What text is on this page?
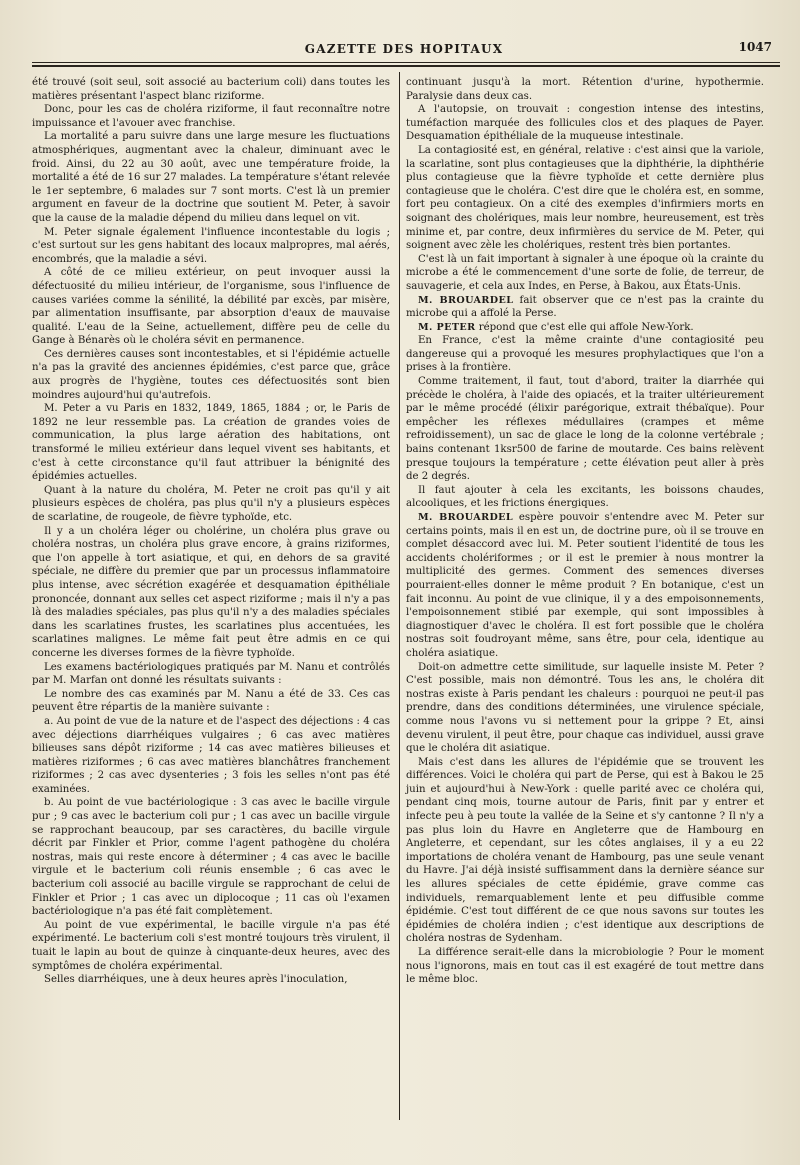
GAZETTE DES HOPITAUX	1047

été trouvé (soit seul, soit associé au bacterium coli) dans toutes les matières présentant l'aspect blanc riziforme.

Donc, pour les cas de choléra riziforme, il faut reconnaître notre impuissance et l'avouer avec franchise.

La mortalité a paru suivre dans une large mesure les fluctuations atmosphériques, augmentant avec la chaleur, diminuant avec le froid. Ainsi, du 22 au 30 août, avec une température froide, la mortalité a été de 16 sur 27 malades. La température s'étant relevée le 1er septembre, 6 malades sur 7 sont morts. C'est là un premier argument en faveur de la doctrine que soutient M. Peter, à savoir que la cause de la maladie dépend du milieu dans lequel on vit.

M. Peter signale également l'influence incontestable du logis ; c'est surtout sur les gens habitant des locaux malpropres, mal aérés, encombrés, que la maladie a sévi.

A côté de ce milieu extérieur, on peut invoquer aussi la défectuosité du milieu intérieur, de l'organisme, sous l'influence de causes variées comme la sénilité, la débilité par excès, par misère, par alimentation insuffisante, par absorption d'eaux de mauvaise qualité. L'eau de la Seine, actuellement, diffère peu de celle du Gange à Bénarès où le choléra sévit en permanence.

Ces dernières causes sont incontestables, et si l'épidémie actuelle n'a pas la gravité des anciennes épidémies, c'est parce que, grâce aux progrès de l'hygiène, toutes ces défectuosités sont bien moindres aujourd'hui qu'autrefois.

M. Peter a vu Paris en 1832, 1849, 1865, 1884 ; or, le Paris de 1892 ne leur ressemble pas. La création de grandes voies de communication, la plus large aération des habitations, ont transformé le milieu extérieur dans lequel vivent ses habitants, et c'est à cette circonstance qu'il faut attribuer la bénignité des épidémies actuelles.

Quant à la nature du choléra, M. Peter ne croit pas qu'il y ait plusieurs espèces de choléra, pas plus qu'il n'y a plusieurs espèces de scarlatine, de rougeole, de fièvre typhoïde, etc.

Il y a un choléra léger ou cholérine, un choléra plus grave ou choléra nostras, un choléra plus grave encore, à grains riziformes, que l'on appelle à tort asiatique, et qui, en dehors de sa gravité spéciale, ne diffère du premier que par un processus inflammatoire plus intense, avec sécrétion exagérée et desquamation épithéliale prononcée, donnant aux selles cet aspect riziforme ; mais il n'y a pas là des maladies spéciales, pas plus qu'il n'y a des maladies spéciales dans les scarlatines frustes, les scarlatines plus accentuées, les scarlatines malignes. Le même fait peut être admis en ce qui concerne les diverses formes de la fièvre typhoïde.

Les examens bactériologiques pratiqués par M. Nanu et contrôlés par M. Marfan ont donné les résultats suivants :

Le nombre des cas examinés par M. Nanu a été de 33. Ces cas peuvent être répartis de la manière suivante :

a. Au point de vue de la nature et de l'aspect des déjections : 4 cas avec déjections diarrhéiques vulgaires ; 6 cas avec matières bilieuses sans dépôt riziforme ; 14 cas avec matières bilieuses et matières riziformes ; 6 cas avec matières blanchâtres franchement riziformes ; 2 cas avec dysenteries ; 3 fois les selles n'ont pas été examinées.

b. Au point de vue bactériologique : 3 cas avec le bacille virgule pur ; 9 cas avec le bacterium coli pur ; 1 cas avec un bacille virgule se rapprochant beaucoup, par ses caractères, du bacille virgule décrit par Finkler et Prior, comme l'agent pathogène du choléra nostras, mais qui reste encore à déterminer ; 4 cas avec le bacille virgule et le bacterium coli réunis ensemble ; 6 cas avec le bacterium coli associé au bacille virgule se rapprochant de celui de Finkler et Prior ; 1 cas avec un diplocoque ; 11 cas où l'examen bactériologique n'a pas été fait complètement.

Au point de vue expérimental, le bacille virgule n'a pas été expérimenté. Le bacterium coli s'est montré toujours très virulent, il tuait le lapin au bout de quinze à cinquante-deux heures, avec des symptômes de choléra expérimental.

Selles diarrhéiques, une à deux heures après l'inoculation,

continuant jusqu'à la mort. Rétention d'urine, hypothermie. Paralysie dans deux cas.

A l'autopsie, on trouvait : congestion intense des intestins, tuméfaction marquée des follicules clos et des plaques de Payer. Desquamation épithéliale de la muqueuse intestinale.

La contagiosité est, en général, relative : c'est ainsi que la variole, la scarlatine, sont plus contagieuses que la diphthérie, la diphthérie plus contagieuse que la fièvre typhoïde et cette dernière plus contagieuse que le choléra. C'est dire que le choléra est, en somme, fort peu contagieux. On a cité des exemples d'infirmiers morts en soignant des cholériques, mais leur nombre, heureusement, est très minime et, par contre, deux infirmières du service de M. Peter, qui soignent avec zèle les cholériques, restent très bien portantes.

C'est là un fait important à signaler à une époque où la crainte du microbe a été le commencement d'une sorte de folie, de terreur, de sauvagerie, et cela aux Indes, en Perse, à Bakou, aux États-Unis.

M. BROUARDEL fait observer que ce n'est pas la crainte du microbe qui a affolé la Perse.

M. PETER répond que c'est elle qui affole New-York.

En France, c'est la même crainte d'une contagiosité peu dangereuse qui a provoqué les mesures prophylactiques que l'on a prises à la frontière.

Comme traitement, il faut, tout d'abord, traiter la diarrhée qui précède le choléra, à l'aide des opiacés, et la traiter ultérieurement par le même procédé (élixir parégorique, extrait thébaïque). Pour empêcher les réflexes médullaires (crampes et même refroidissement), un sac de glace le long de la colonne vertébrale ; bains contenant 1ksr500 de farine de moutarde. Ces bains relèvent presque toujours la température ; cette élévation peut aller à près de 2 degrés.

Il faut ajouter à cela les excitants, les boissons chaudes, alcooliques, et les frictions énergiques.

M. BROUARDEL espère pouvoir s'entendre avec M. Peter sur certains points, mais il en est un, de doctrine pure, où il se trouve en complet désaccord avec lui. M. Peter soutient l'identité de tous les accidents cholériformes ; or il est le premier à nous montrer la multiplicité des germes. Comment des semences diverses pourraient-elles donner le même produit ? En botanique, c'est un fait inconnu. Au point de vue clinique, il y a des empoisonnements, l'empoisonnement stibié par exemple, qui sont impossibles à diagnostiquer d'avec le choléra. Il est fort possible que le choléra nostras soit foudroyant même, sans être, pour cela, identique au choléra asiatique.

Doit-on admettre cette similitude, sur laquelle insiste M. Peter ? C'est possible, mais non démontré. Tous les ans, le choléra dit nostras existe à Paris pendant les chaleurs : pourquoi ne peut-il pas prendre, dans des conditions déterminées, une virulence spéciale, comme nous l'avons vu si nettement pour la grippe ? Et, ainsi devenu virulent, il peut être, pour chaque cas individuel, aussi grave que le choléra dit asiatique.

Mais c'est dans les allures de l'épidémie que se trouvent les différences. Voici le choléra qui part de Perse, qui est à Bakou le 25 juin et aujourd'hui à New-York : quelle parité avec ce choléra qui, pendant cinq mois, tourne autour de Paris, finit par y entrer et infecte peu à peu toute la vallée de la Seine et s'y cantonne ? Il n'y a pas plus loin du Havre en Angleterre que de Hambourg en Angleterre, et cependant, sur les côtes anglaises, il y a eu 22 importations de choléra venant de Hambourg, pas une seule venant du Havre. J'ai déjà insisté suffisamment dans la dernière séance sur les allures spéciales de cette épidémie, grave comme cas individuels, remarquablement lente et peu diffusible comme épidémie. C'est tout différent de ce que nous savons sur toutes les épidémies de choléra indien ; c'est identique aux descriptions de choléra nostras de Sydenham.

La différence serait-elle dans la microbiologie ? Pour le moment nous l'ignorons, mais en tout cas il est exagéré de tout mettre dans le même bloc.
